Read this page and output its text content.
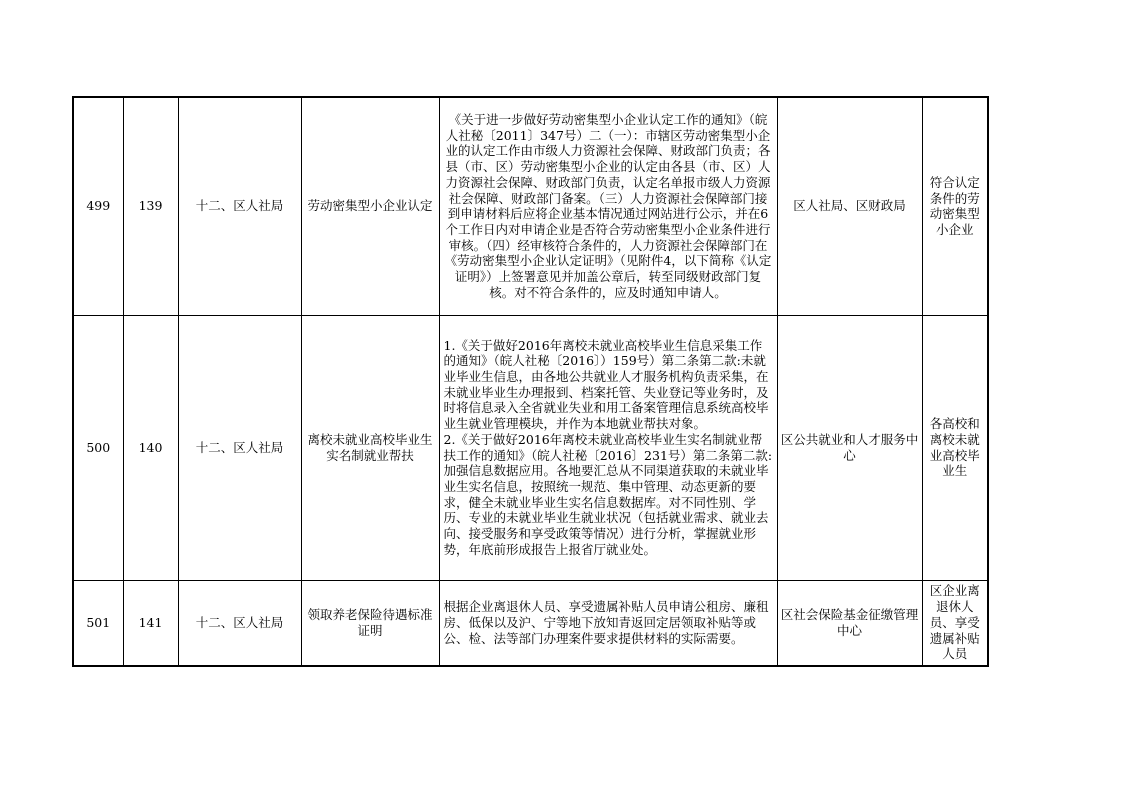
499	139	十二、区人社局	劳动密集型小企业认定	《关于进一步做好劳动密集型小企业认定工作的通知》（皖人社秘〔2011〕347号）二（一）：市辖区劳动密集型小企业的认定工作由市级人力资源社会保障、财政部门负责；各县（市、区）劳动密集型小企业的认定由各县（市、区）人力资源社会保障、财政部门负责，认定名单报市级人力资源社会保障、财政部门备案。（三）人力资源社会保障部门接到申请材料后应将企业基本情况通过网站进行公示，并在6个工作日内对申请企业是否符合劳动密集型小企业条件进行审核。（四）经审核符合条件的，人力资源社会保障部门在《劳动密集型小企业认定证明》（见附件4，以下简称《认定证明》）上签署意见并加盖公章后，转至同级财政部门复核。对不符合条件的，应及时通知申请人。	区人社局、区财政局	符合认定条件的劳动密集型小企业

500	140	十二、区人社局	离校未就业高校毕业生实名制就业帮扶	1.《关于做好2016年离校未就业高校毕业生信息采集工作的通知》（皖人社秘〔2016〕）159号）第二条第二款:未就业毕业生信息，由各地公共就业人才服务机构负责采集，在未就业毕业生办理报到、档案托管、失业登记等业务时，及时将信息录入全省就业失业和用工备案管理信息系统高校毕业生就业管理模块，并作为本地就业帮扶对象。
2.《关于做好2016年离校未就业高校毕业生实名制就业帮扶工作的通知》（皖人社秘〔2016〕231号）第二条第二款:加强信息数据应用。各地要汇总从不同渠道获取的未就业毕业生实名信息，按照统一规范、集中管理、动态更新的要求，健全未就业毕业生实名信息数据库。对不同性别、学历、专业的未就业毕业生就业状况（包括就业需求、就业去向、接受服务和享受政策等情况）进行分析，掌握就业形势，年底前形成报告上报省厅就业处。	区公共就业和人才服务中心	各高校和离校未就业高校毕业生

501	141	十二、区人社局	领取养老保险待遇标准证明	根据企业离退休人员、享受遗属补贴人员申请公租房、廉租房、低保以及沪、宁等地下放知青返回定居领取补贴等或公、检、法等部门办理案件要求提供材料的实际需要。	区社会保险基金征缴管理中心	区企业离退休人员、享受遗属补贴人员
